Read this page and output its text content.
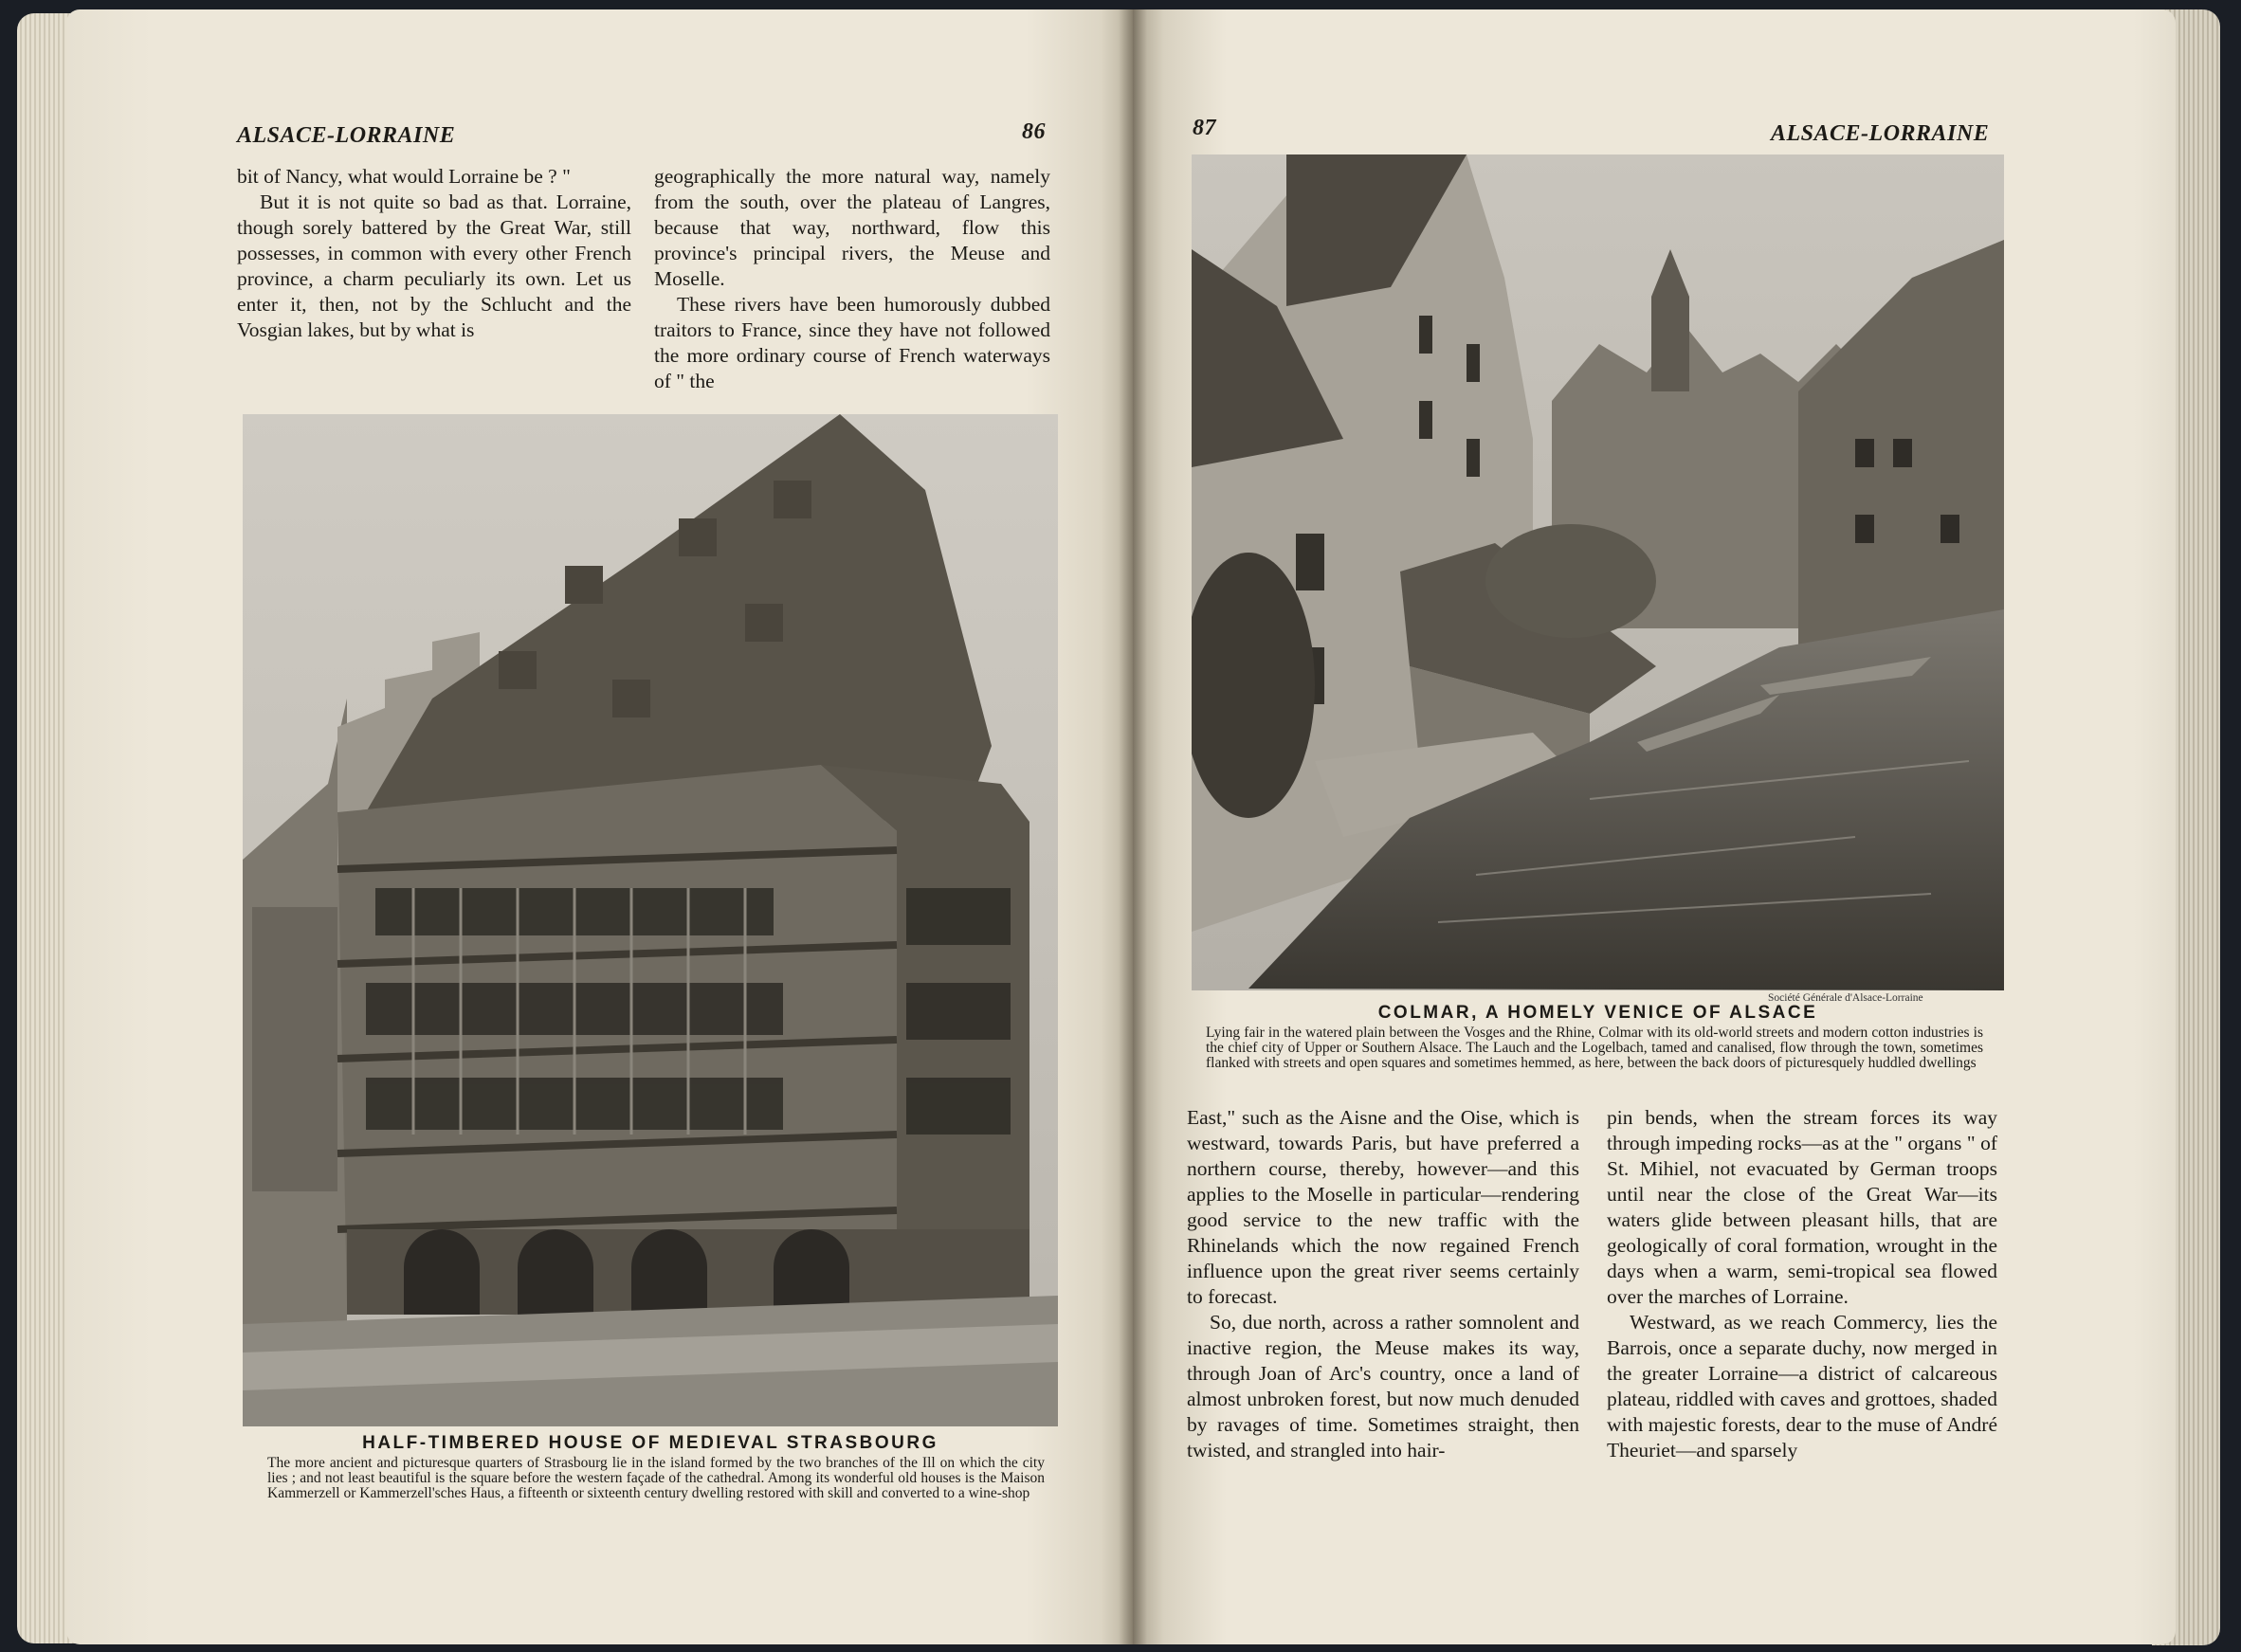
ALSACE-LORRAINE	86

bit of Nancy, what would Lorraine be ? "

But it is not quite so bad as that. Lorraine, though sorely battered by the Great War, still possesses, in common with every other French province, a charm peculiarly its own. Let us enter it, then, not by the Schlucht and the Vosgian lakes, but by what is

geographically the more natural way, namely from the south, over the plateau of Langres, because that way, northward, flow this province's principal rivers, the Meuse and Moselle.

These rivers have been humorously dubbed traitors to France, since they have not followed the more ordinary course of French waterways of " the

HALF-TIMBERED HOUSE OF MEDIEVAL STRASBOURG
The more ancient and picturesque quarters of Strasbourg lie in the island formed by the two branches of the Ill on which the city lies ; and not least beautiful is the square before the western façade of the cathedral. Among its wonderful old houses is the Maison Kammerzell or Kammerzell'sches Haus, a fifteenth or sixteenth century dwelling restored with skill and converted to a wine-shop
87	ALSACE-LORRAINE
Société Générale d'Alsace-Lorraine
COLMAR, A HOMELY VENICE OF ALSACE
Lying fair in the watered plain between the Vosges and the Rhine, Colmar with its old-world streets and modern cotton industries is the chief city of Upper or Southern Alsace. The Lauch and the Logelbach, tamed and canalised, flow through the town, sometimes flanked with streets and open squares and sometimes hemmed, as here, between the back doors of picturesquely huddled dwellings

East," such as the Aisne and the Oise, which is westward, towards Paris, but have preferred a northern course, thereby, however—and this applies to the Moselle in particular—rendering good service to the new traffic with the Rhinelands which the now regained French influence upon the great river seems certainly to forecast.

So, due north, across a rather somnolent and inactive region, the Meuse makes its way, through Joan of Arc's country, once a land of almost unbroken forest, but now much denuded by ravages of time. Sometimes straight, then twisted, and strangled into hair-

pin bends, when the stream forces its way through impeding rocks—as at the " organs " of St. Mihiel, not evacuated by German troops until near the close of the Great War—its waters glide between pleasant hills, that are geologically of coral formation, wrought in the days when a warm, semi-tropical sea flowed over the marches of Lorraine.

Westward, as we reach Commercy, lies the Barrois, once a separate duchy, now merged in the greater Lorraine—a district of calcareous plateau, riddled with caves and grottoes, shaded with majestic forests, dear to the muse of André Theuriet—and sparsely
